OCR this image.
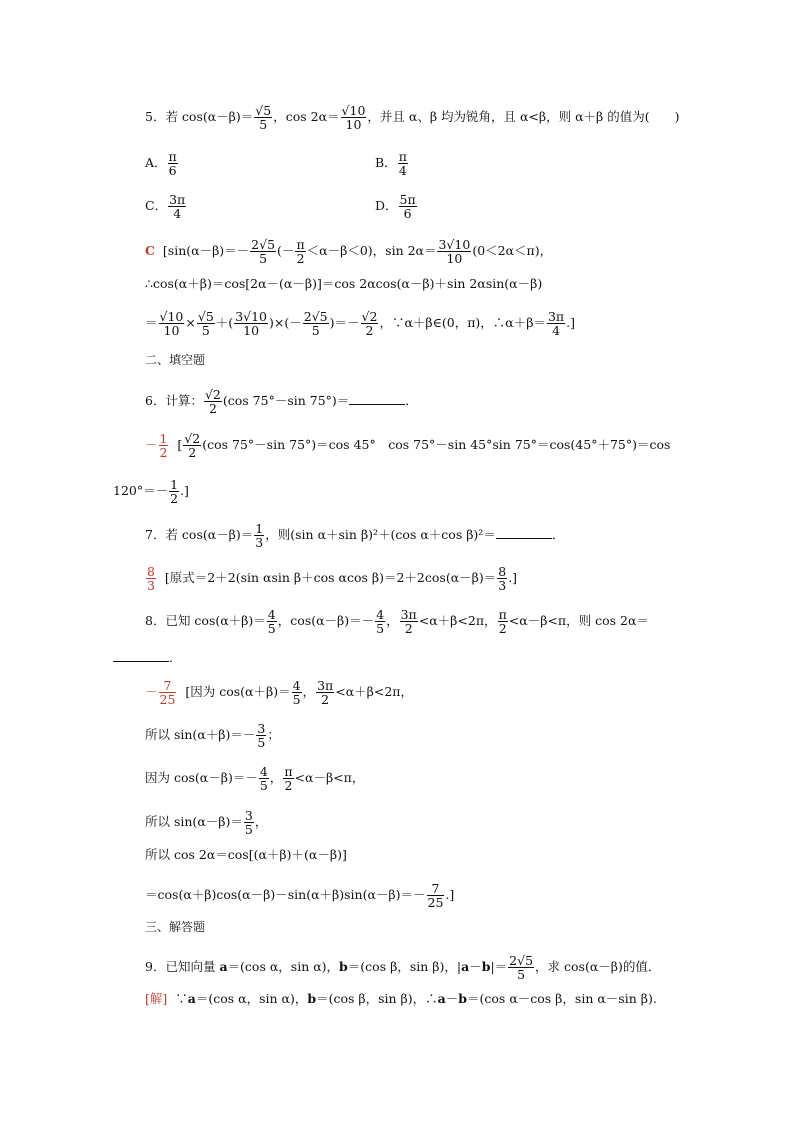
5．若 $\cos(\alpha-\beta)= \frac{√5}{5}$ ，$\cos 2\alpha= \frac{√10}{10}$ ，并且 α、β 均为锐角，且 α<β，则 α＋β 的值为(　　)
A． $\frac{\pi}{6}$	B． $\frac{\pi}{4}$
C． $\frac{3\pi}{4}$	D． $\frac{5\pi}{6}$
C [$\sin(\alpha-\beta)=- \frac{2√5}{5}$ (－ $\frac{\pi}{2} <\alpha-\beta<0$)，$\sin 2\alpha= \frac{3√10}{10} (0<2\alpha<\pi)$，
∴cos(α＋β)＝cos[2α－(α－β)]＝cos 2αcos(α－β)＋sin 2αsin(α－β)
＝ $\frac{√10}{10} \times \frac{√5}{5}$ ＋( $\frac{3√10}{10}$ )×(－ $\frac{2√5}{5}$ )＝－ $\frac{√2}{2}$ ，∵α＋β∈(0，π)，∴α＋β＝ $\frac{3\pi}{4}$ .]
二、填空题
6．计算： $\frac{√2}{2} (\cos$ 75°－sin 75°)＝	．
－ $\frac{1}{2}$ [ $\frac{√2}{2} (\cos$ 75°－sin 75°)＝cos 45°　cos 75°－sin 45°sin 75°＝cos(45°＋75°)＝cos
$120^\circ=- \frac{1}{2}$ .]
7．若 $\cos(\alpha-\beta)= \frac{1}{3}$ ，则(sin α＋sin β)²＋(cos α＋cos β)²＝	．
$\frac{8}{3}$ [原式＝2＋2(sin αsin β＋cos αcos $\beta)=2+2\cos(\alpha-\beta)= \frac{8}{3}$ .]
8．已知 $\cos(\alpha+\beta)= \frac{4}{5}$ ，$\cos(\alpha-\beta)=- \frac{4}{5}$ ， $\frac{3\pi}{2} <\alpha+\beta<2\pi$， $\frac{\pi}{2} <\alpha-\beta<\pi$，则 cos 2α＝
.
－ $\frac{7}{25}$ [因为 $\cos(\alpha+\beta)= \frac{4}{5}$ ， $\frac{3\pi}{2} <\alpha+\beta<2\pi$，
所以 $\sin(\alpha+\beta)=- \frac{3}{5}$ ；
因为 $\cos(\alpha-\beta)=- \frac{4}{5}$ ， $\frac{\pi}{2} <\alpha-\beta<\pi$，
所以 $\sin(\alpha-\beta)= \frac{3}{5}$ ，
所以 cos 2α＝cos[(α＋β)＋(α－β)]
$=\cos(\alpha+\beta)\cos(\alpha-\beta)-\sin(\alpha+\beta)\sin(\alpha-\beta)=- \frac{7}{25}$ .]
三、解答题
9．已知向量 a＝(cos α，sin α)，b＝(cos β，sin β)，$|a-b|= \frac{2√5}{5}$ ，求 cos(α－β)的值．
[解] ∵a＝(cos α，sin α)，b＝(cos β，sin β)，∴a－b＝(cos α－cos β，sin α－sin β).
